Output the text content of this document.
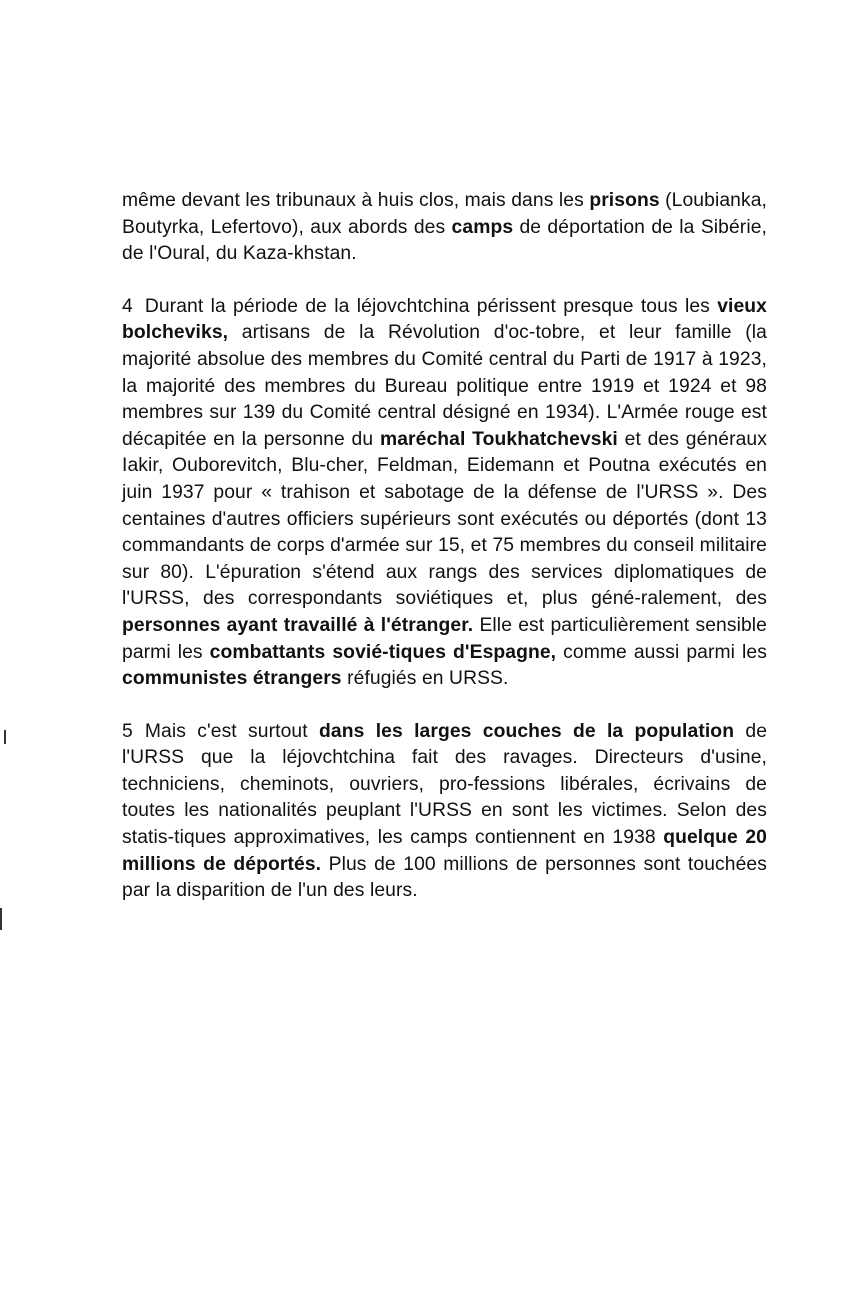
même devant les tribunaux à huis clos, mais dans les prisons (Loubianka, Boutyrka, Lefertovo), aux abords des camps de déportation de la Sibérie, de l'Oural, du Kaza-khstan.

4 Durant la période de la léjovchtchina périssent presque tous les vieux bolcheviks, artisans de la Révolution d'oc-tobre, et leur famille (la majorité absolue des membres du Comité central du Parti de 1917 à 1923, la majorité des membres du Bureau politique entre 1919 et 1924 et 98 membres sur 139 du Comité central désigné en 1934). L'Armée rouge est décapitée en la personne du maréchal Toukhatchevski et des généraux Iakir, Ouborevitch, Blu-cher, Feldman, Eidemann et Poutna exécutés en juin 1937 pour « trahison et sabotage de la défense de l'URSS ». Des centaines d'autres officiers supérieurs sont exécutés ou déportés (dont 13 commandants de corps d'armée sur 15, et 75 membres du conseil militaire sur 80). L'épuration s'étend aux rangs des services diplomatiques de l'URSS, des correspondants soviétiques et, plus géné-ralement, des personnes ayant travaillé à l'étranger. Elle est particulièrement sensible parmi les combattants sovié-tiques d'Espagne, comme aussi parmi les communistes étrangers réfugiés en URSS.

5 Mais c'est surtout dans les larges couches de la population de l'URSS que la léjovchtchina fait des ravages. Directeurs d'usine, techniciens, cheminots, ouvriers, pro-fessions libérales, écrivains de toutes les nationalités peuplant l'URSS en sont les victimes. Selon des statis-tiques approximatives, les camps contiennent en 1938 quelque 20 millions de déportés. Plus de 100 millions de personnes sont touchées par la disparition de l'un des leurs.
